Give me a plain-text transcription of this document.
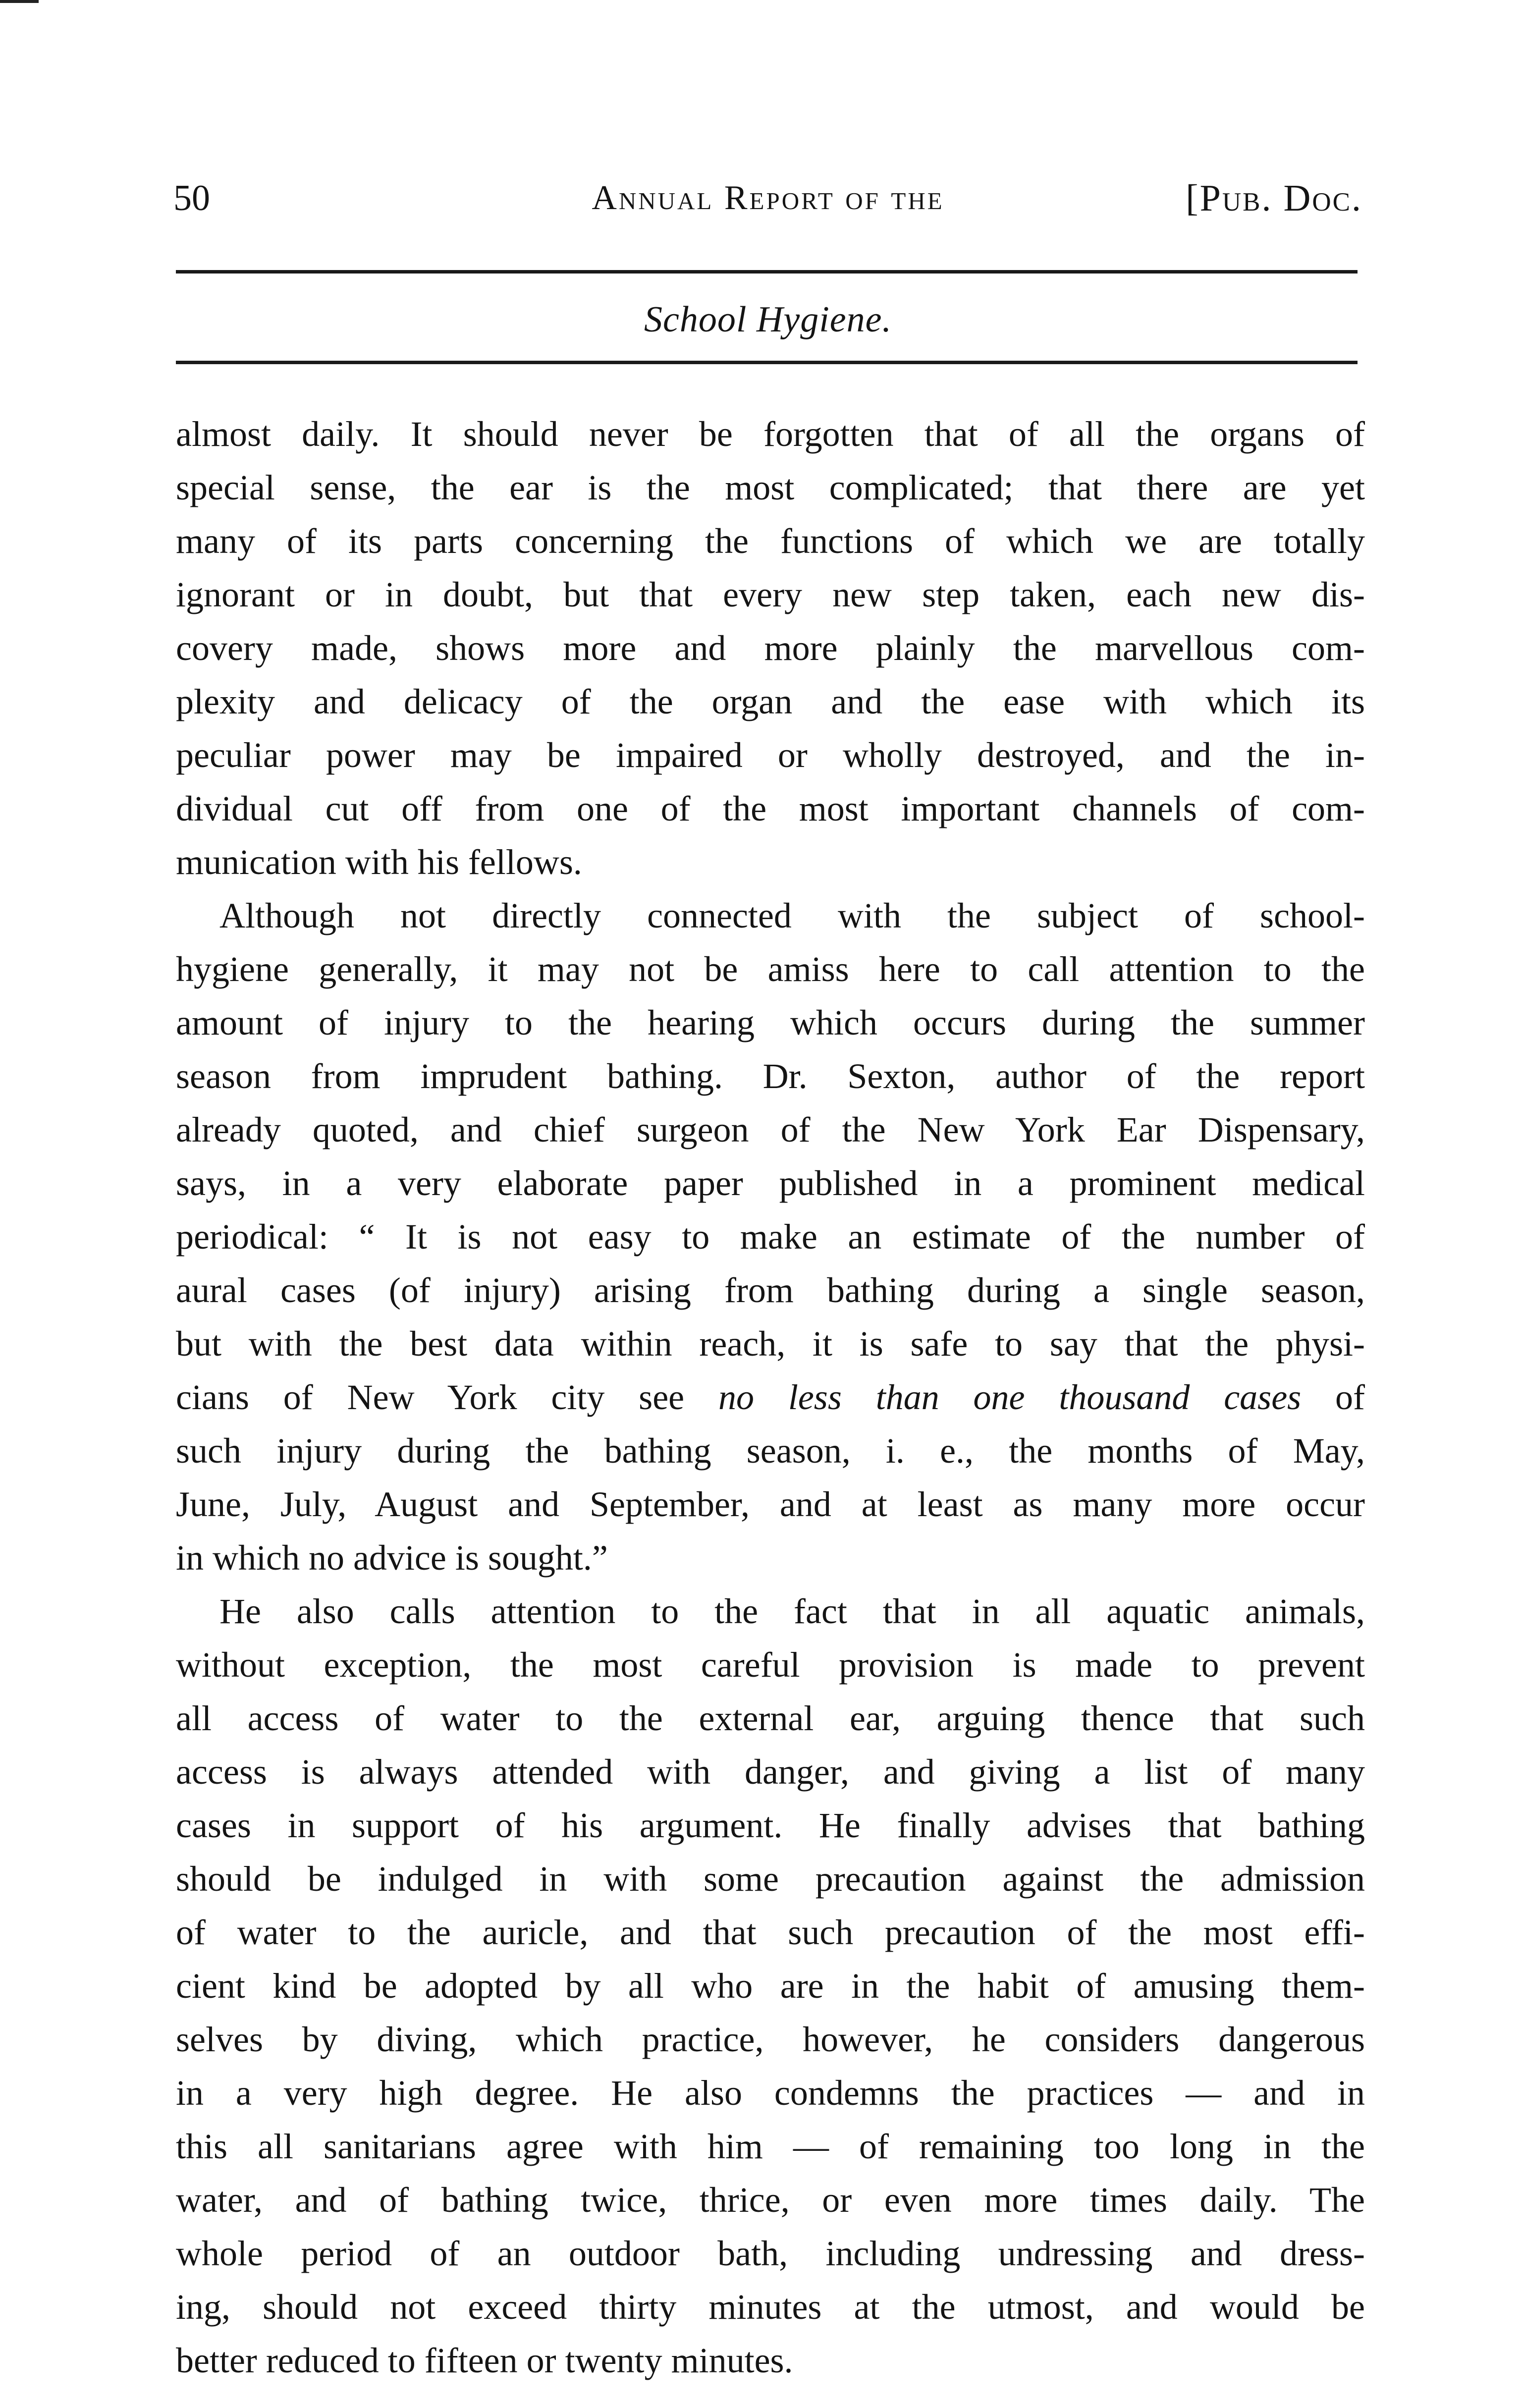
50	Annual Report of the	[Pub. Doc.
School Hygiene.
almost daily. It should never be forgotten that of all the organs of
special sense, the ear is the most complicated; that there are yet
many of its parts concerning the functions of which we are totally
ignorant or in doubt, but that every new step taken, each new dis-
covery made, shows more and more plainly the marvellous com-
plexity and delicacy of the organ and the ease with which its
peculiar power may be impaired or wholly destroyed, and the in-
dividual cut off from one of the most important channels of com-
munication with his fellows.
Although not directly connected with the subject of school-
hygiene generally, it may not be amiss here to call attention to the
amount of injury to the hearing which occurs during the summer
season from imprudent bathing. Dr. Sexton, author of the report
already quoted, and chief surgeon of the New York Ear Dispensary,
says, in a very elaborate paper published in a prominent medical
periodical: “ It is not easy to make an estimate of the number of
aural cases (of injury) arising from bathing during a single season,
but with the best data within reach, it is safe to say that the physi-
cians of New York city see no less than one thousand cases of
such injury during the bathing season, i. e., the months of May,
June, July, August and September, and at least as many more occur
in which no advice is sought.”
He also calls attention to the fact that in all aquatic animals,
without exception, the most careful provision is made to prevent
all access of water to the external ear, arguing thence that such
access is always attended with danger, and giving a list of many
cases in support of his argument. He finally advises that bathing
should be indulged in with some precaution against the admission
of water to the auricle, and that such precaution of the most effi-
cient kind be adopted by all who are in the habit of amusing them-
selves by diving, which practice, however, he considers dangerous
in a very high degree. He also condemns the practices — and in
this all sanitarians agree with him — of remaining too long in the
water, and of bathing twice, thrice, or even more times daily. The
whole period of an outdoor bath, including undressing and dress-
ing, should not exceed thirty minutes at the utmost, and would be
better reduced to fifteen or twenty minutes.
